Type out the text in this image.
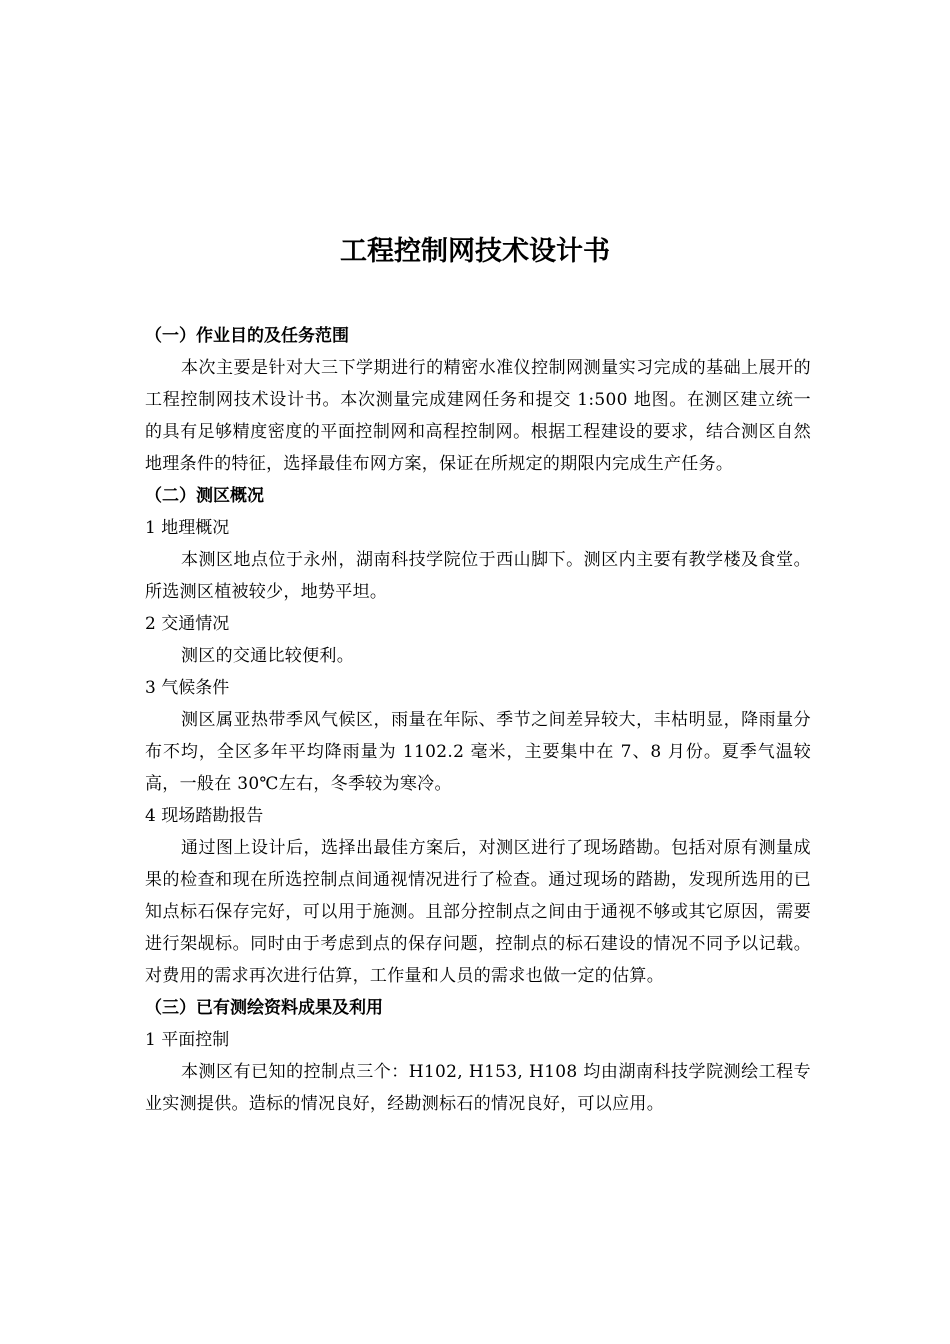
工程控制网技术设计书

（一）作业目的及任务范围

本次主要是针对大三下学期进行的精密水准仪控制网测量实习完成的基础上展开的工程控制网技术设计书。本次测量完成建网任务和提交 1:500 地图。在测区建立统一的具有足够精度密度的平面控制网和高程控制网。根据工程建设的要求，结合测区自然地理条件的特征，选择最佳布网方案，保证在所规定的期限内完成生产任务。

（二）测区概况

1 地理概况

本测区地点位于永州，湖南科技学院位于西山脚下。测区内主要有教学楼及食堂。所选测区植被较少，地势平坦。

2 交通情况

测区的交通比较便利。

3 气候条件

测区属亚热带季风气候区，雨量在年际、季节之间差异较大，丰枯明显，降雨量分布不均，全区多年平均降雨量为 1102.2 毫米，主要集中在 7、8 月份。夏季气温较高，一般在 30℃左右，冬季较为寒冷。

4 现场踏勘报告

通过图上设计后，选择出最佳方案后，对测区进行了现场踏勘。包括对原有测量成果的检查和现在所选控制点间通视情况进行了检查。通过现场的踏勘，发现所选用的已知点标石保存完好，可以用于施测。且部分控制点之间由于通视不够或其它原因，需要进行架觇标。同时由于考虑到点的保存问题，控制点的标石建设的情况不同予以记载。对费用的需求再次进行估算，工作量和人员的需求也做一定的估算。

（三）已有测绘资料成果及利用

1 平面控制

本测区有已知的控制点三个：H102, H153, H108 均由湖南科技学院测绘工程专业实测提供。造标的情况良好，经勘测标石的情况良好，可以应用。
